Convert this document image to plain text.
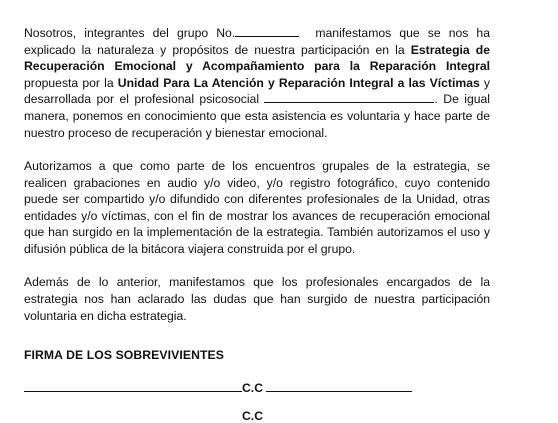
Nosotros, integrantes del grupo No.	manifestamos que se nos ha explicado la naturaleza y propósitos de nuestra participación en la Estrategia de Recuperación Emocional y Acompañamiento para la Reparación Integral propuesta por la Unidad Para La Atención y Reparación Integral a las Víctimas y desarrollada por el profesional psicosocial	. De igual manera, ponemos en conocimiento que esta asistencia es voluntaria y hace parte de nuestro proceso de recuperación y bienestar emocional.

Autorizamos a que como parte de los encuentros grupales de la estrategia, se realicen grabaciones en audio y/o video, y/o registro fotográfico, cuyo contenido puede ser compartido y/o difundido con diferentes profesionales de la Unidad, otras entidades y/o víctimas, con el fin de mostrar los avances de recuperación emocional que han surgido en la implementación de la estrategia. También autorizamos el uso y difusión pública de la bitácora viajera construida por el grupo.

Además de lo anterior, manifestamos que los profesionales encargados de la estrategia nos han aclarado las dudas que han surgido de nuestra participación voluntaria en dicha estrategia.

FIRMA DE LOS SOBREVIVIENTES
C.C
C.C
